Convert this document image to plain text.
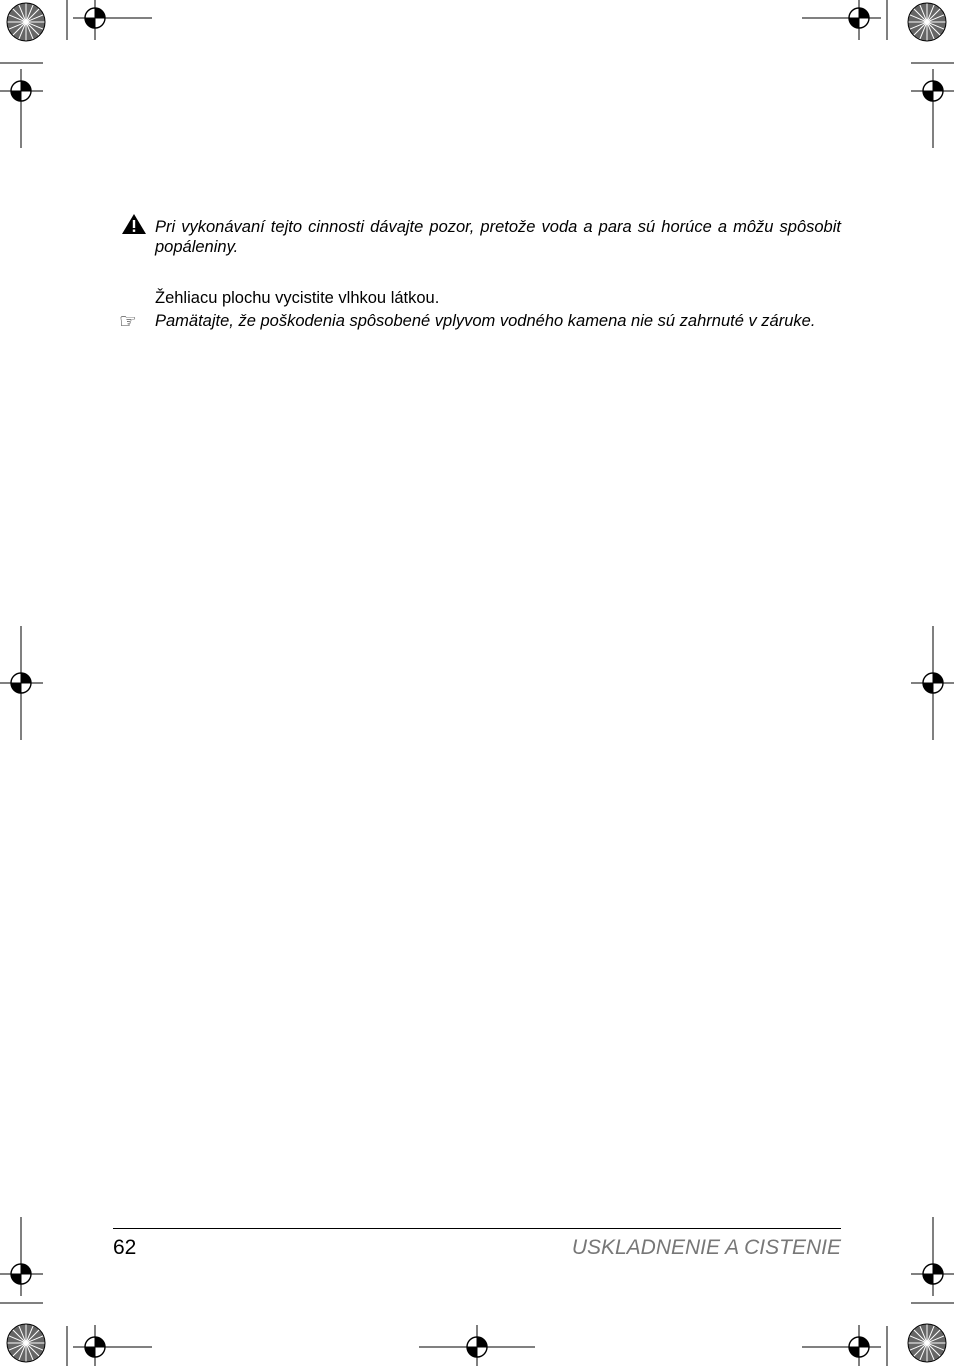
Pri vykonávaní tejto cinnosti dávajte pozor, pretože voda a para sú horúce a môžu spôsobit popáleniny.
Žehliacu plochu vycistite vlhkou látkou.
☞ Pamätajte, že poškodenia spôsobené vplyvom vodného kamena nie sú zahrnuté v záruke.
62	USKLADNENIE A CISTENIE
